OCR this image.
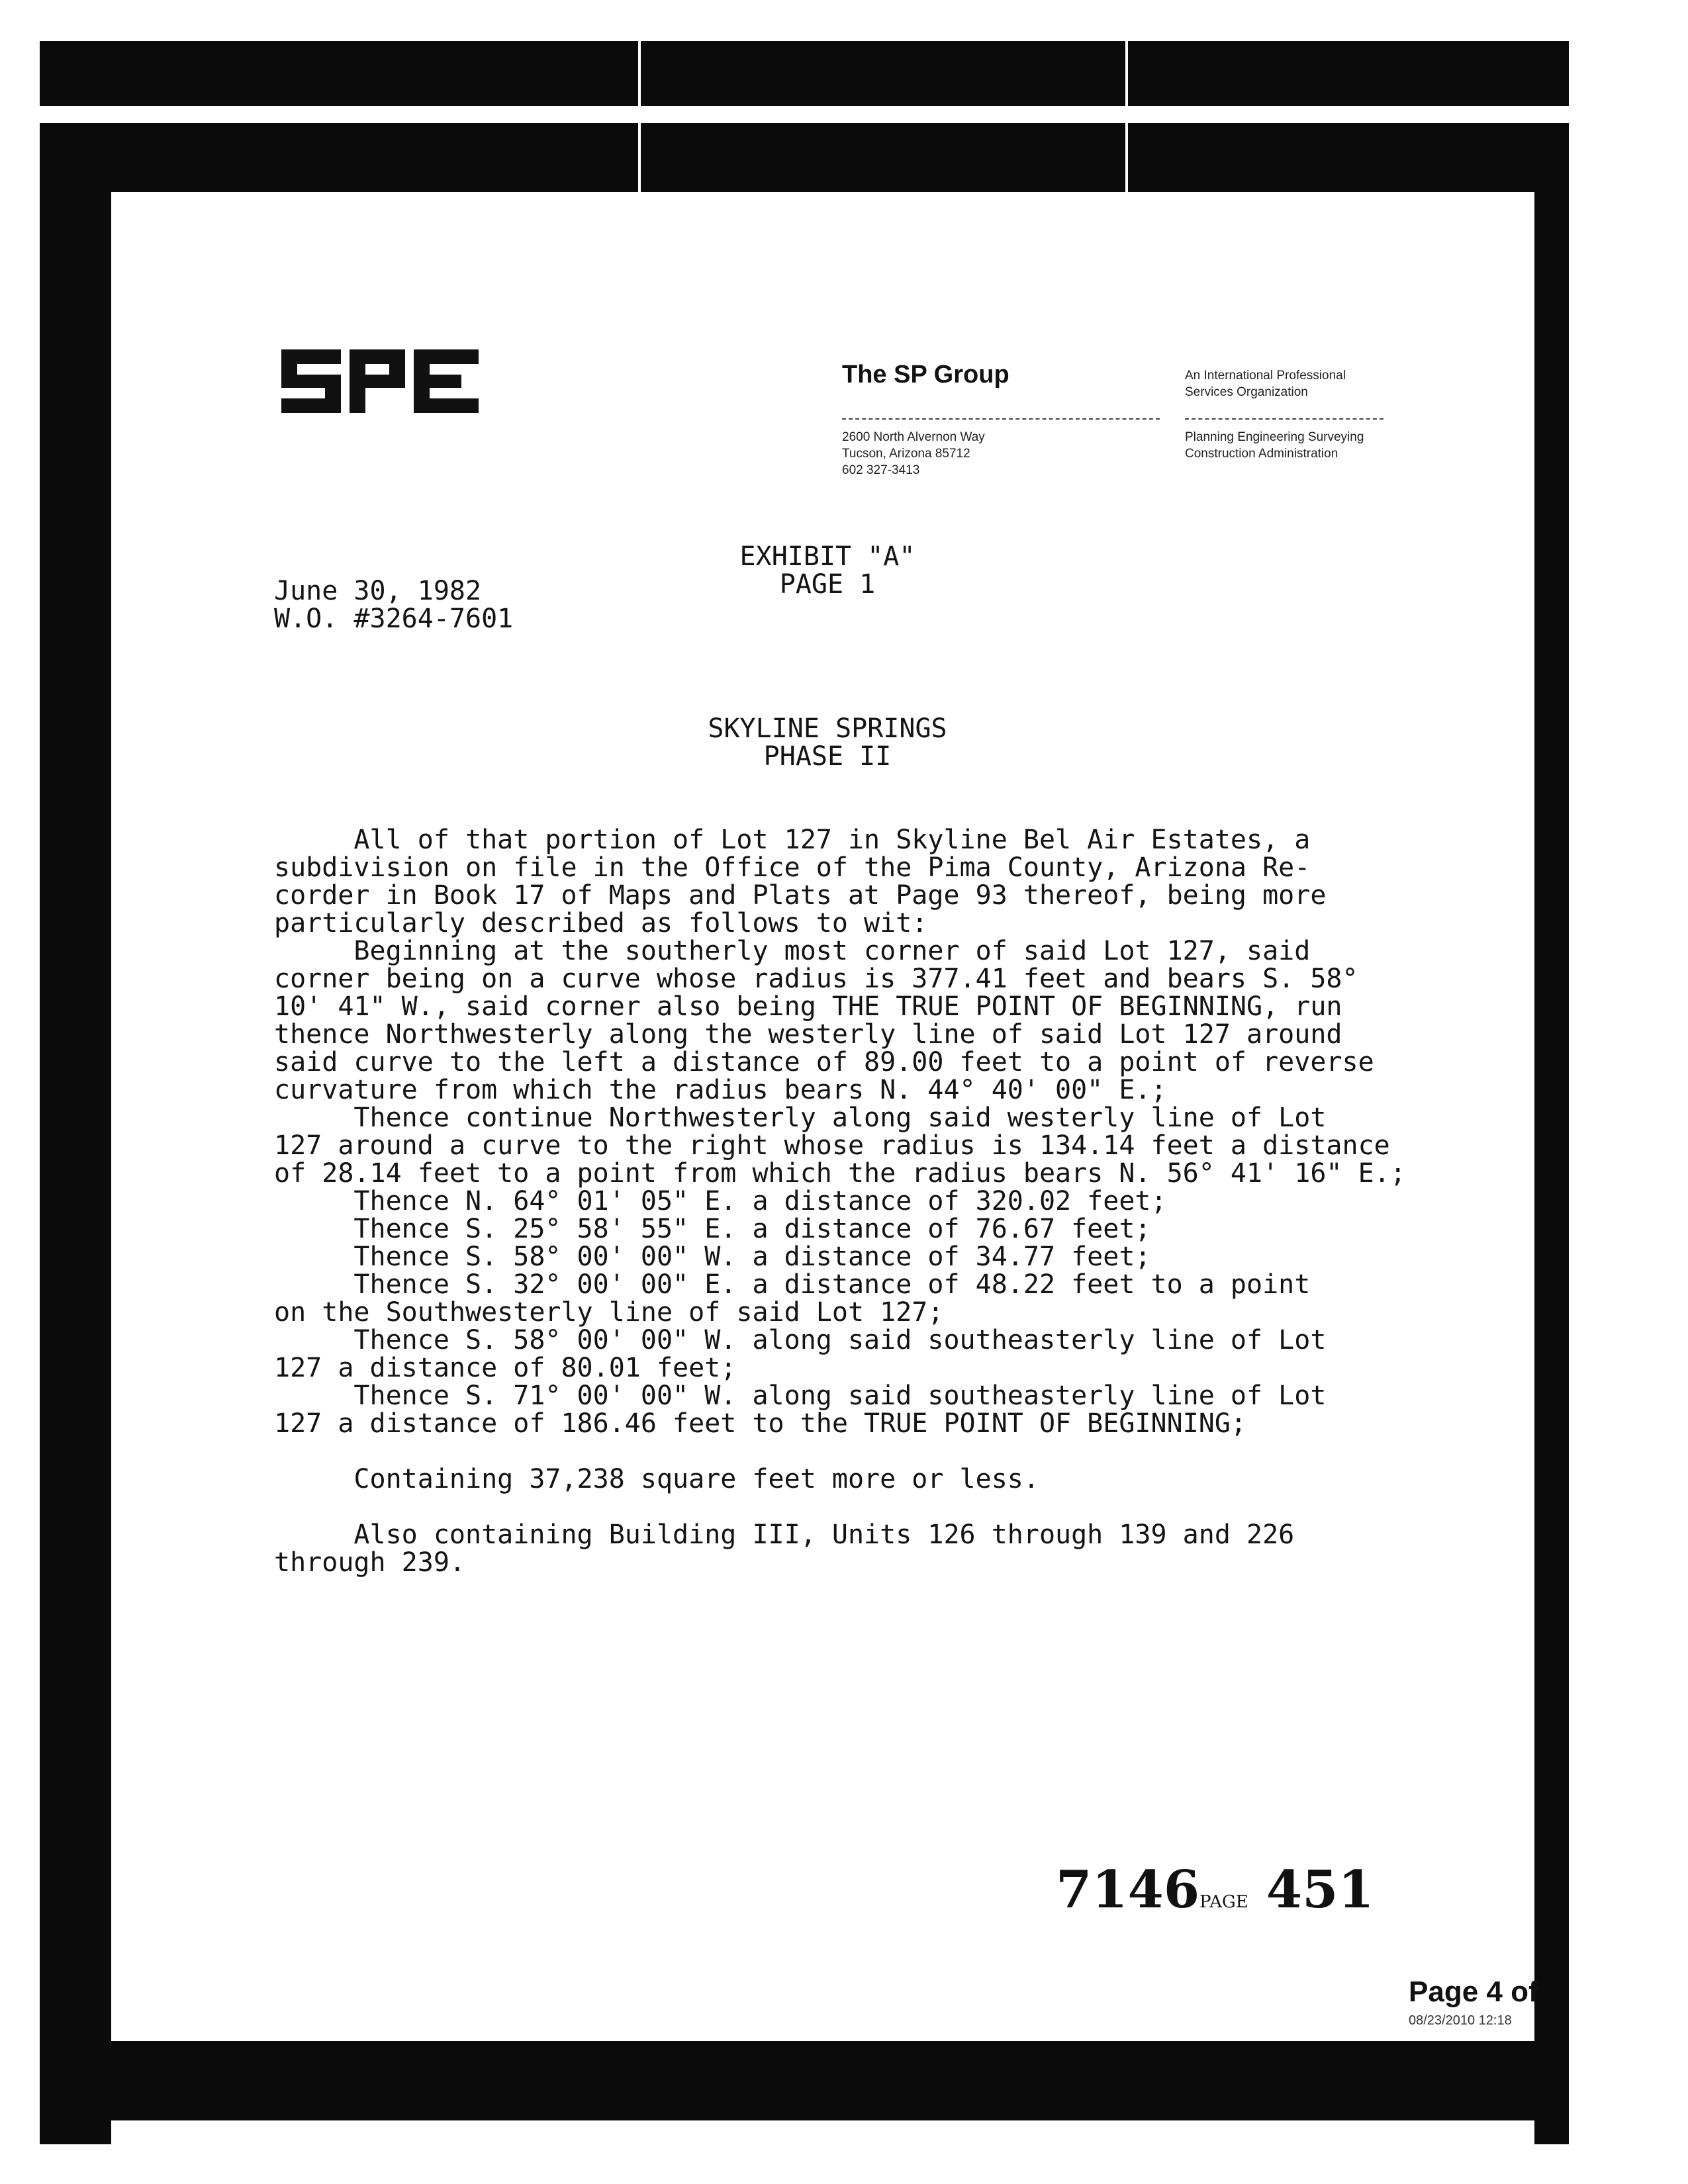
The SP Group
2600 North Alvernon Way
Tucson, Arizona 85712
602 327-3413
An International Professional
Services Organization
Planning Engineering Surveying
Construction Administration
EXHIBIT "A"
PAGE 1
June 30, 1982
W.O. #3264-7601
SKYLINE SPRINGS
PHASE II
All of that portion of Lot 127 in Skyline Bel Air Estates, a
subdivision on file in the Office of the Pima County, Arizona Re-
corder in Book 17 of Maps and Plats at Page 93 thereof, being more
particularly described as follows to wit:
Beginning at the southerly most corner of said Lot 127, said
corner being on a curve whose radius is 377.41 feet and bears S. 58°
10' 41" W., said corner also being THE TRUE POINT OF BEGINNING, run
thence Northwesterly along the westerly line of said Lot 127 around
said curve to the left a distance of 89.00 feet to a point of reverse
curvature from which the radius bears N. 44° 40' 00" E.;
Thence continue Northwesterly along said westerly line of Lot
127 around a curve to the right whose radius is 134.14 feet a distance
of 28.14 feet to a point from which the radius bears N. 56° 41' 16" E.;
Thence N. 64° 01' 05" E. a distance of 320.02 feet;
Thence S. 25° 58' 55" E. a distance of 76.67 feet;
Thence S. 58° 00' 00" W. a distance of 34.77 feet;
Thence S. 32° 00' 00" E. a distance of 48.22 feet to a point
on the Southwesterly line of said Lot 127;
Thence S. 58° 00' 00" W. along said southeasterly line of Lot
127 a distance of 80.01 feet;
Thence S. 71° 00' 00" W. along said southeasterly line of Lot
127 a distance of 186.46 feet to the TRUE POINT OF BEGINNING;
Containing 37,238 square feet more or less.
Also containing Building III, Units 126 through 139 and 226
through 239.
7146PAGE 451
Page 4 of
08/23/2010 12:18
